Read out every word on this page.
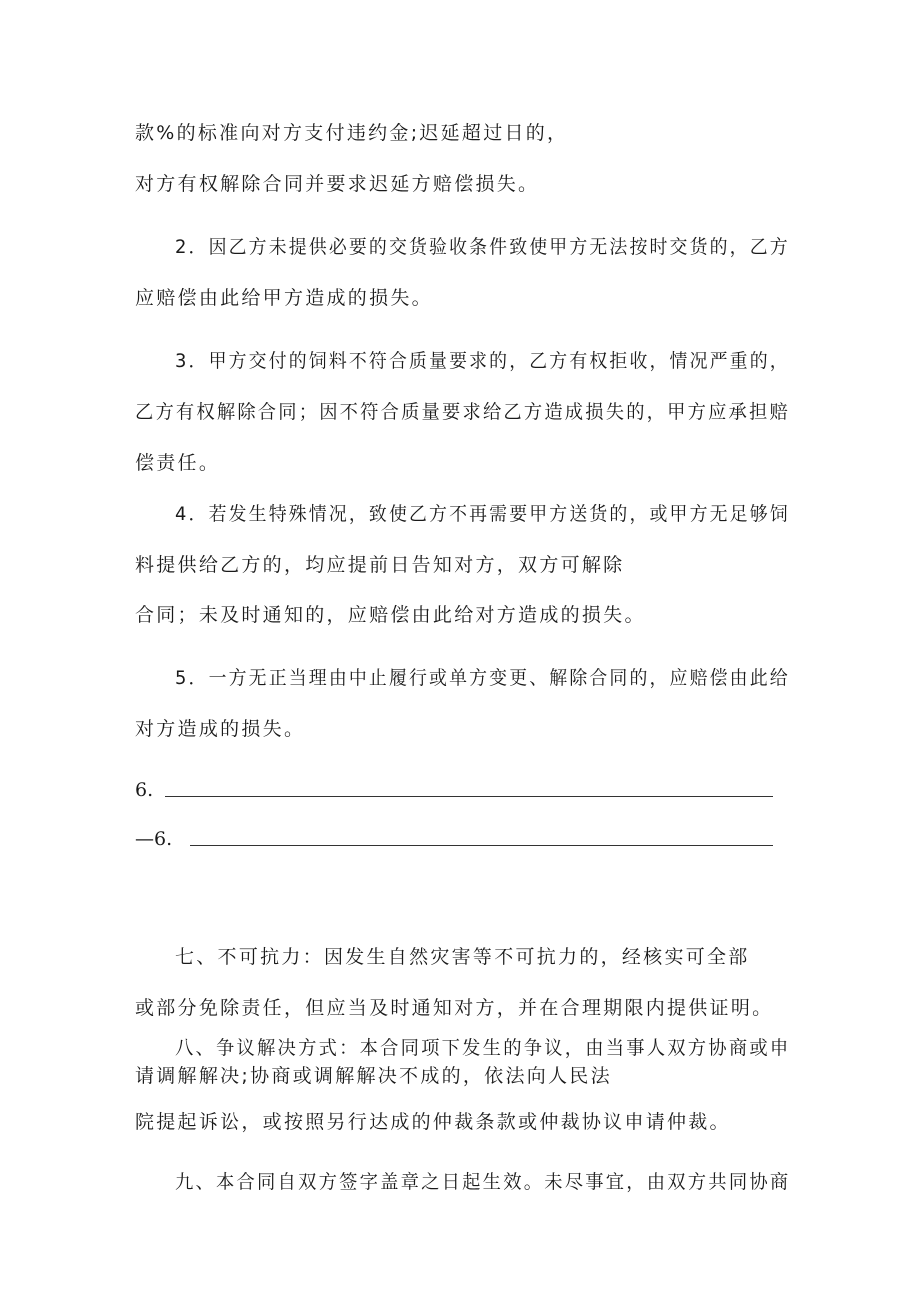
款%的标准向对方支付违约金;迟延超过日的，
对方有权解除合同并要求迟延方赔偿损失。
2．因乙方未提供必要的交货验收条件致使甲方无法按时交货的，乙方
应赔偿由此给甲方造成的损失。
3．甲方交付的饲料不符合质量要求的，乙方有权拒收，情况严重的，
乙方有权解除合同；因不符合质量要求给乙方造成损失的，甲方应承担赔
偿责任。
4．若发生特殊情况，致使乙方不再需要甲方送货的，或甲方无足够饲
料提供给乙方的，均应提前日告知对方，双方可解除
合同；未及时通知的，应赔偿由此给对方造成的损失。
5．一方无正当理由中止履行或单方变更、解除合同的，应赔偿由此给
对方造成的损失。
6.
—6.
七、不可抗力：因发生自然灾害等不可抗力的，经核实可全部
或部分免除责任，但应当及时通知对方，并在合理期限内提供证明。
八、争议解决方式：本合同项下发生的争议，由当事人双方协商或申
请调解解决;协商或调解解决不成的，依法向人民法
院提起诉讼，或按照另行达成的仲裁条款或仲裁协议申请仲裁。
九、本合同自双方签字盖章之日起生效。未尽事宜，由双方共同协商
